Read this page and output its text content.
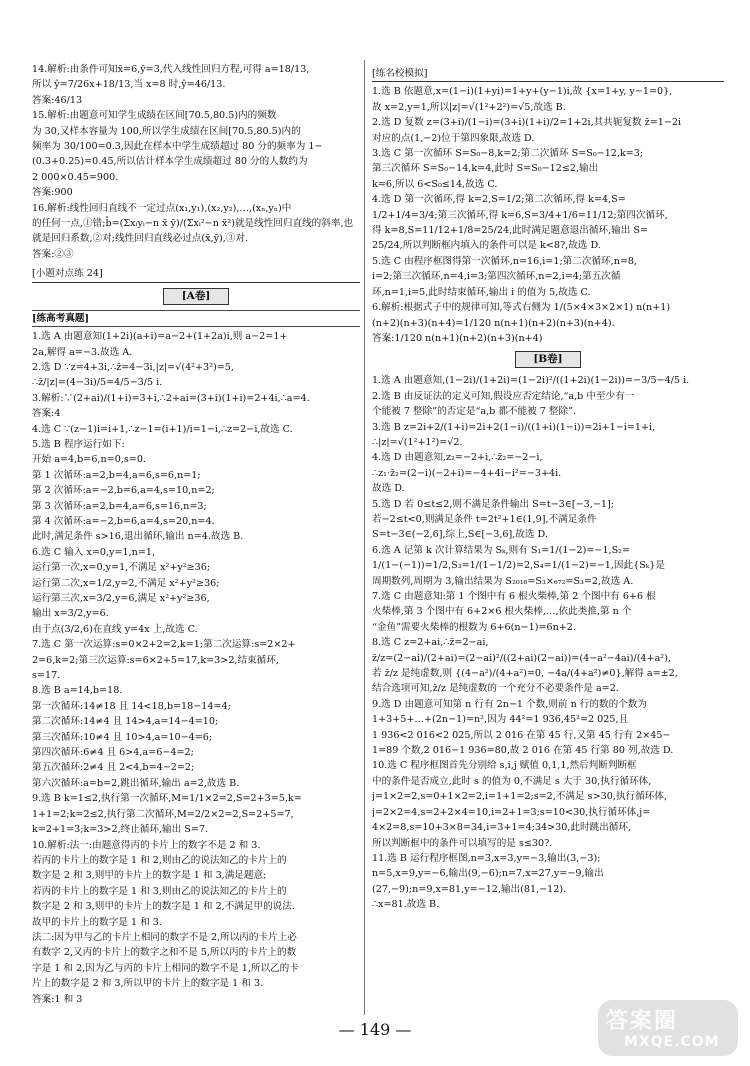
14.解析:由条件可知x̄=6,ȳ=3,代入线性回归方程,可得 a=18/13,
所以 ŷ=7/26x+18/13,当 x=8 时,ŷ=46/13.
答案:46/13
15.解析:由题意可知学生成绩在区间[70.5,80.5)内的频数
为 30,又样本容量为 100,所以学生成绩在区间[70.5,80.5)内的
频率为 30/100=0.3,因此在样本中学生成绩超过 80 分的频率为 1−
(0.3+0.25)=0.45,所以估计样本学生成绩超过 80 分的人数约为
2 000×0.45=900.
答案:900
16.解析:线性回归直线不一定过点(x₁,y₁),(x₂,y₂),…,(xₙ,yₙ)中
的任何一点,①错;b̂=(Σxᵢyᵢ−n x̄ ȳ)/(Σxᵢ²−n x̄²)就是线性回归直线的斜率,也
就是回归系数,②对;线性回归直线必过点(x̄,ȳ),③对.
答案:②③
[小题对点练 24]
[A卷]
[练高考真题]
1.选 A 由题意知(1+2i)(a+i)=a−2+(1+2a)i,则 a−2=1+
2a,解得 a=−3.故选 A.
2.选 D ∵z=4+3i,∴z̄=4−3i,|z|=√(4²+3²)=5,
∴z̄/|z|=(4−3i)/5=4/5−3/5 i.
3.解析:∵(2+ai)/(1+i)=3+i,∴2+ai=(3+i)(1+i)=2+4i,∴a=4.
答案:4
4.选 C ∵(z−1)i=i+1,∴z−1=(i+1)/i=1−i,∴z=2−i,故选 C.
5.选 B 程序运行如下:
开始 a=4,b=6,n=0,s=0.
第 1 次循环:a=2,b=4,a=6,s=6,n=1;
第 2 次循环:a=−2,b=6,a=4,s=10,n=2;
第 3 次循环:a=2,b=4,a=6,s=16,n=3;
第 4 次循环:a=−2,b=6,a=4,s=20,n=4.
此时,满足条件 s>16,退出循环,输出 n=4.故选 B.
6.选 C 输入 x=0,y=1,n=1,
运行第一次,x=0,y=1,不满足 x²+y²≥36;
运行第二次,x=1/2,y=2,不满足 x²+y²≥36;
运行第三次,x=3/2,y=6,满足 x²+y²≥36,
输出 x=3/2,y=6.
由于点(3/2,6)在直线 y=4x 上,故选 C.
7.选 C 第一次运算:s=0×2+2=2,k=1;第二次运算:s=2×2+
2=6,k=2;第三次运算:s=6×2+5=17,k=3>2,结束循环,
s=17.
8.选 B a=14,b=18.
第一次循环:14≠18 且 14<18,b=18−14=4;
第二次循环:14≠4 且 14>4,a=14−4=10;
第三次循环:10≠4 且 10>4,a=10−4=6;
第四次循环:6≠4 且 6>4,a=6−4=2;
第五次循环:2≠4 且 2<4,b=4−2=2;
第六次循环:a=b=2,跳出循环,输出 a=2,故选 B.
9.选 B k=1≤2,执行第一次循环,M=1/1×2=2,S=2+3=5,k=
1+1=2;k=2≤2,执行第二次循环,M=2/2×2=2,S=2+5=7,
k=2+1=3;k=3>2,终止循环,输出 S=7.
10.解析:法一:由题意得丙的卡片上的数字不是 2 和 3.
若丙的卡片上的数字是 1 和 2,则由乙的说法知乙的卡片上的
数字是 2 和 3,则甲的卡片上的数字是 1 和 3,满足题意;
若丙的卡片上的数字是 1 和 3,则由乙的说法知乙的卡片上的
数字是 2 和 3,则甲的卡片上的数字是 1 和 2,不满足甲的说法.
故甲的卡片上的数字是 1 和 3.
法二:因为甲与乙的卡片上相同的数字不是 2,所以丙的卡片上必
有数字 2,又丙的卡片上的数字之和不是 5,所以丙的卡片上的数
字是 1 和 2,因为乙与丙的卡片上相同的数字不是 1,所以乙的卡
片上的数字是 2 和 3,所以甲的卡片上的数字是 1 和 3.
答案:1 和 3
[练名校模拟]
1.选 B 依题意,x=(1−i)(1+yi)=1+y+(y−1)i,故 {x=1+y, y−1=0},
故 x=2,y=1,所以|z|=√(1²+2²)=√5,故选 B.
2.选 D 复数 z=(3+i)/(1−i)=(3+i)(1+i)/2=1+2i,其共轭复数 z̄=1−2i
对应的点(1,−2)位于第四象限,故选 D.
3.选 C 第一次循环 S=S₀−8,k=2;第二次循环 S=S₀−12,k=3;
第三次循环 S=S₀−14,k=4,此时 S=S₀−12≤2,输出
k=6,所以 6<S₀≤14,故选 C.
4.选 D 第一次循环,得 k=2,S=1/2;第二次循环,得 k=4,S=
1/2+1/4=3/4;第三次循环,得 k=6,S=3/4+1/6=11/12;第四次循环,
得 k=8,S=11/12+1/8=25/24,此时满足题意退出循环,输出 S=
25/24,所以判断框内填入的条件可以是 k<8?,故选 D.
5.选 C 由程序框图得第一次循环,n=16,i=1;第二次循环,n=8,
i=2;第三次循环,n=4,i=3;第四次循环,n=2,i=4;第五次循
环,n=1,i=5,此时结束循环,输出 i 的值为 5,故选 C.
6.解析:根据式子中的规律可知,等式右侧为 1/(5×4×3×2×1) n(n+1)
(n+2)(n+3)(n+4)=1/120 n(n+1)(n+2)(n+3)(n+4).
答案:1/120 n(n+1)(n+2)(n+3)(n+4)
[B卷]
1.选 A 由题意知,(1−2i)/(1+2i)=(1−2i)²/((1+2i)(1−2i))=−3/5−4/5 i.
2.选 B 由反证法的定义可知,假设应否定结论,“a,b 中至少有一
个能被 7 整除”的否定是“a,b 都不能被 7 整除”.
3.选 B z=2i+2/(1+i)=2i+2(1−i)/((1+i)(1−i))=2i+1−i=1+i,
∴|z|=√(1²+1²)=√2.
4.选 D 由题意知,z₂=−2+i,∴z̄₂=−2−i,
∴z₁·z̄₂=(2−i)(−2+i)=−4+4i−i²=−3+4i.
故选 D.
5.选 D 若 0≤t≤2,则不满足条件输出 S=t−3∈[−3,−1];
若−2≤t<0,则满足条件 t=2t²+1∈(1,9],不满足条件
S=t−3∈(−2,6],综上,S∈[−3,6],故选 D.
6.选 A 记第 k 次计算结果为 Sₖ,则有 S₁=1/(1−2)=−1,S₂=
1/(1−(−1))=1/2,S₃=1/(1−1/2)=2,S₄=1/(1−2)=−1,因此{Sₖ}是
周期数列,周期为 3,输出结果为 S₂₀₁₆=S₃×₆₇₂=S₃=2,故选 A.
7.选 C 由题意知:第 1 个图中有 6 根火柴棒,第 2 个图中有 6+6 根
火柴棒,第 3 个图中有 6+2×6 根火柴棒,…,依此类推,第 n 个
“金鱼”需要火柴棒的根数为 6+6(n−1)=6n+2.
8.选 C z=2+ai,∴z̄=2−ai,
z̄/z=(2−ai)/(2+ai)=(2−ai)²/((2+ai)(2−ai))=(4−a²−4ai)/(4+a²),
若 z̄/z 是纯虚数,则 {(4−a²)/(4+a²)=0, −4a/(4+a²)≠0},解得 a=±2,
结合选项可知,z̄/z 是纯虚数的一个充分不必要条件是 a=2.
9.选 D 由题意可知第 n 行有 2n−1 个数,则前 n 行的数的个数为
1+3+5+…+(2n−1)=n²,因为 44²=1 936,45²=2 025,且
1 936<2 016<2 025,所以 2 016 在第 45 行,又第 45 行有 2×45−
1=89 个数,2 016−1 936=80,故 2 016 在第 45 行第 80 列,故选 D.
10.选 C 程序框图首先分别给 s,i,j 赋值 0,1,1,然后判断判断框
中的条件是否成立,此时 s 的值为 0,不满足 s 大于 30,执行循环体,
j=1×2=2,s=0+1×2=2,i=1+1=2;s=2,不满足 s>30,执行循环体,
j=2×2=4,s=2+2×4=10,i=2+1=3;s=10<30,执行循环体,j=
4×2=8,s=10+3×8=34,i=3+1=4;34>30,此时跳出循环,
所以判断框中的条件可以填写的是 s≤30?.
11.选 B 运行程序框图,n=3,x=3,y=−3,输出(3,−3);
n=5,x=9,y=−6,输出(9,−6);n=7,x=27,y=−9,输出
(27,−9);n=9,x=81,y=−12,输出(81,−12).
∴x=81.故选 B.
— 149 —	答案圈
MXQE.COM
